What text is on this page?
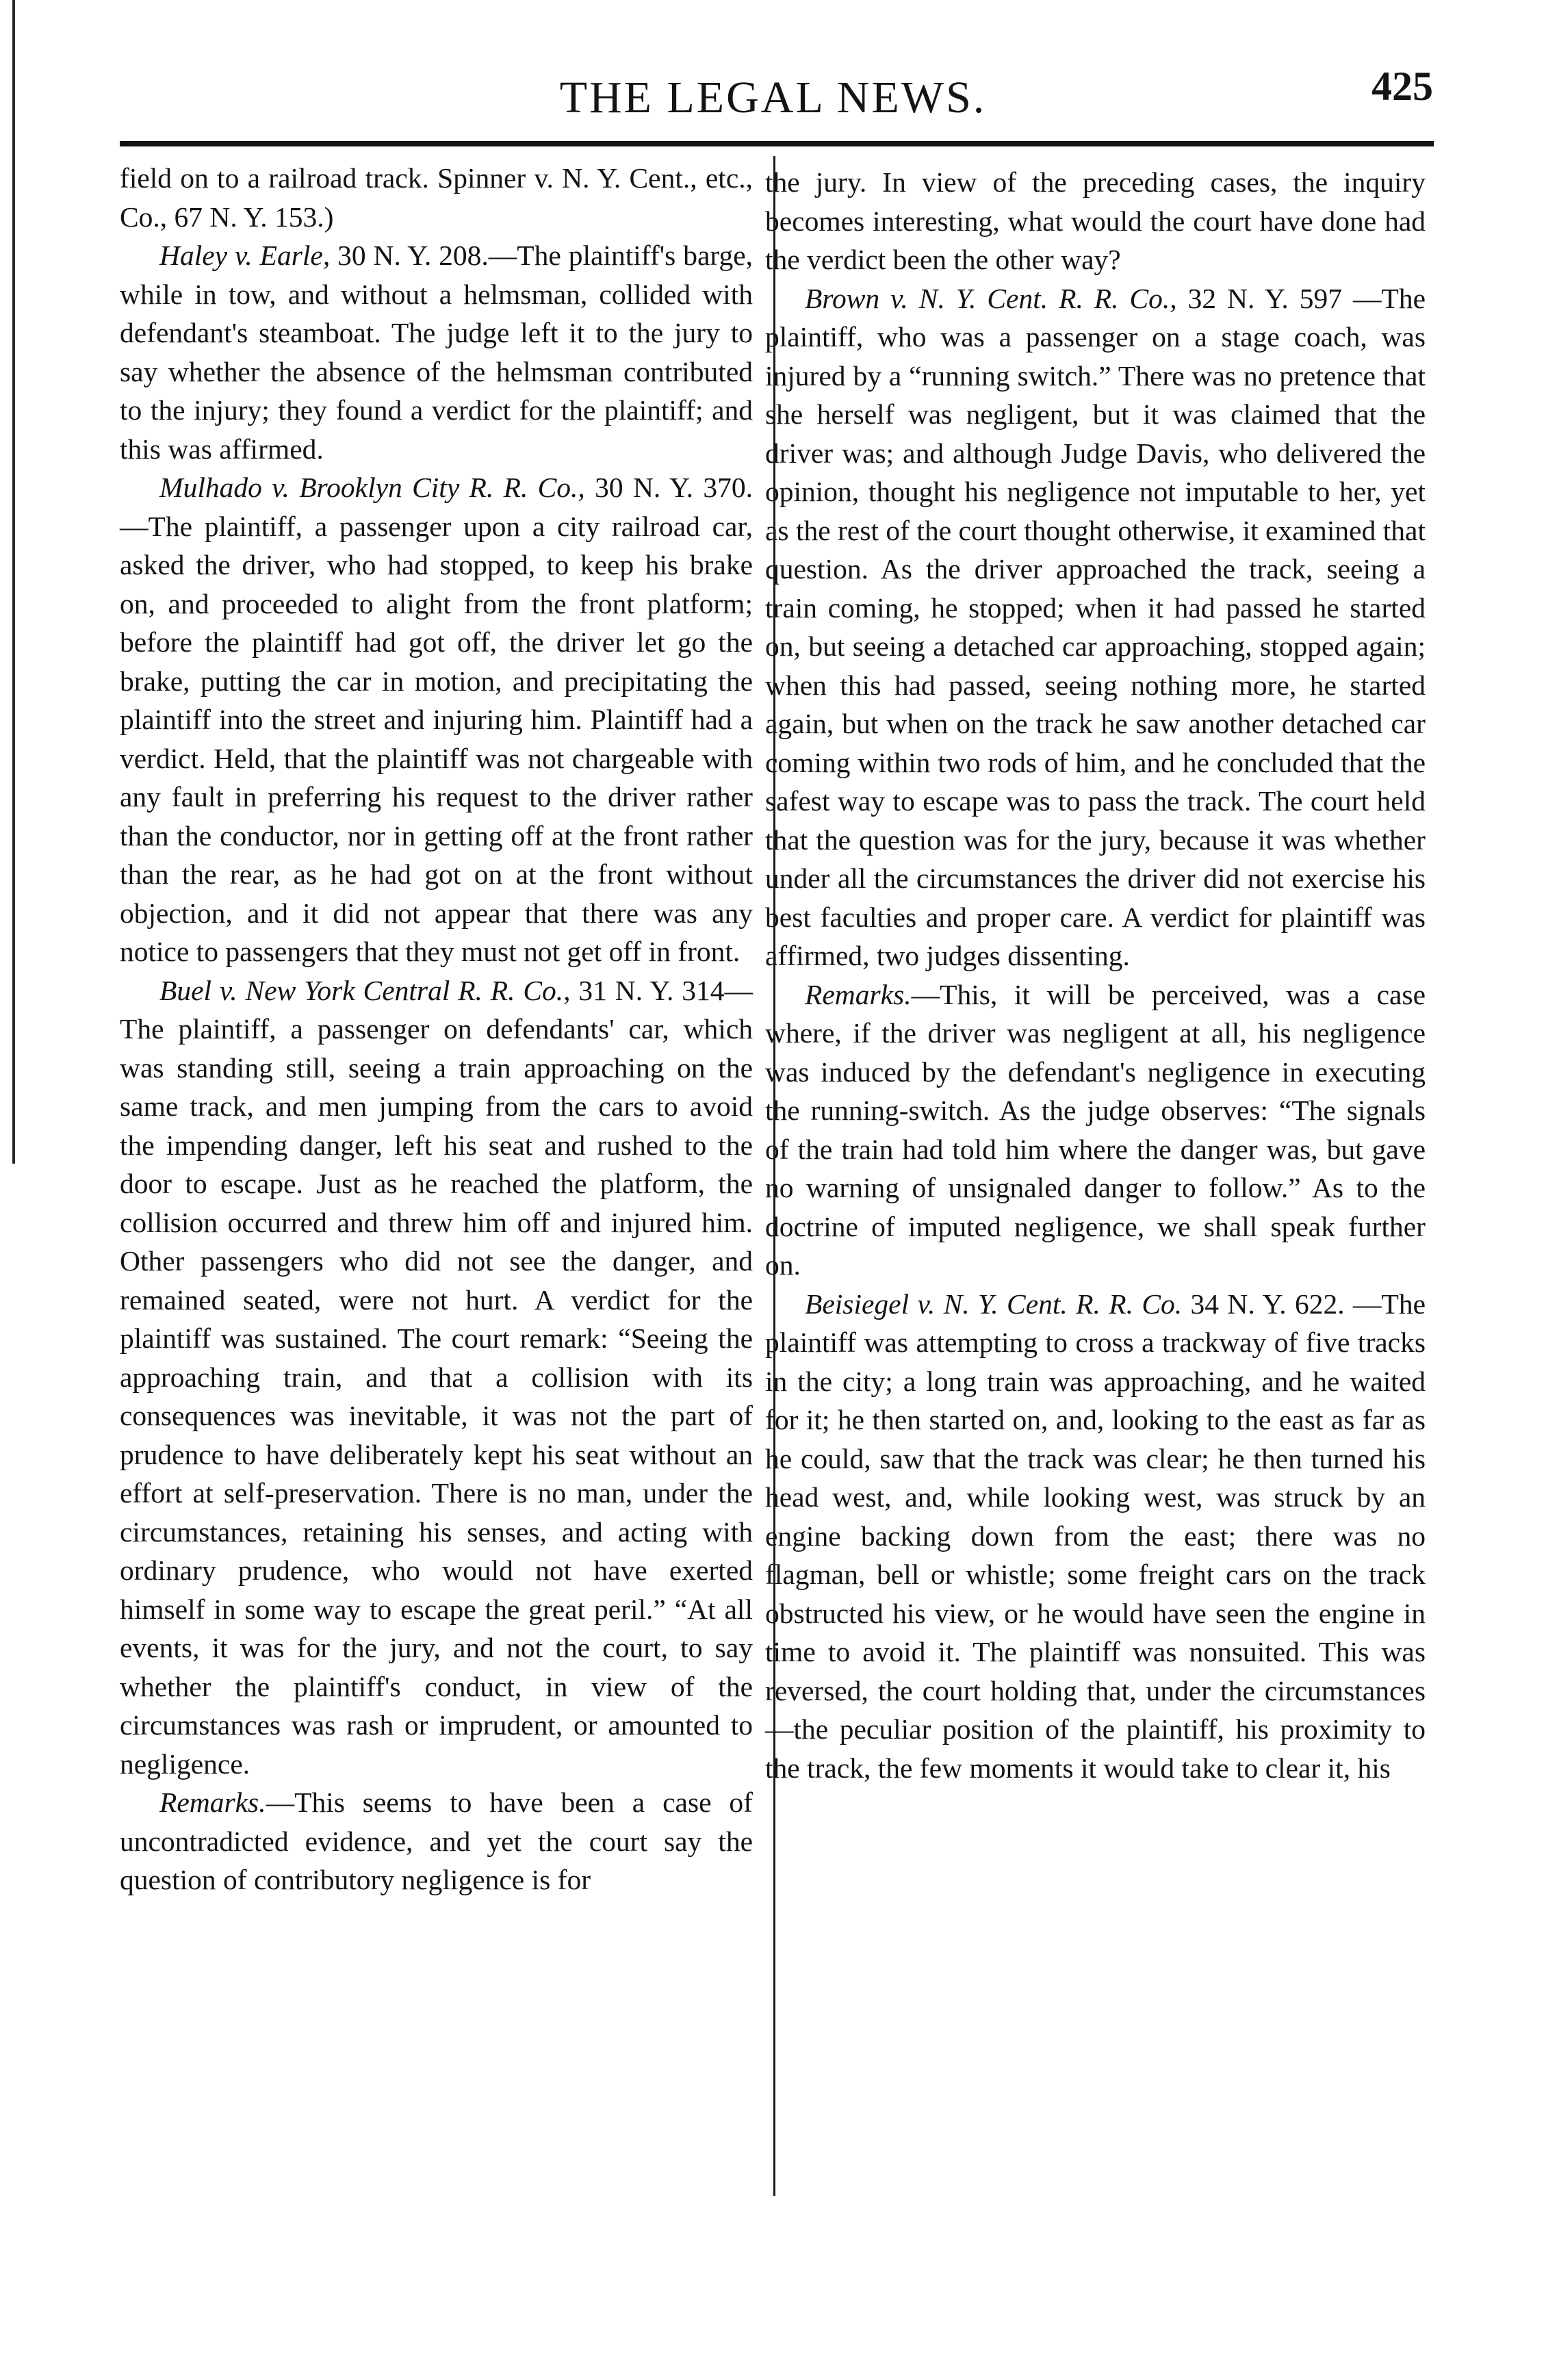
THE LEGAL NEWS.	425

field on to a railroad track. Spinner v. N. Y. Cent., etc., Co., 67 N. Y. 153.)

Haley v. Earle, 30 N. Y. 208.—The plaintiff's barge, while in tow, and without a helmsman, collided with defendant's steamboat. The judge left it to the jury to say whether the absence of the helmsman contributed to the injury; they found a verdict for the plaintiff; and this was affirmed.

Mulhado v. Brooklyn City R. R. Co., 30 N. Y. 370.—The plaintiff, a passenger upon a city railroad car, asked the driver, who had stopped, to keep his brake on, and proceeded to alight from the front platform; before the plaintiff had got off, the driver let go the brake, putting the car in motion, and precipitating the plaintiff into the street and injuring him. Plaintiff had a verdict. Held, that the plaintiff was not chargeable with any fault in preferring his request to the driver rather than the conductor, nor in getting off at the front rather than the rear, as he had got on at the front without objection, and it did not appear that there was any notice to passengers that they must not get off in front.

Buel v. New York Central R. R. Co., 31 N. Y. 314—The plaintiff, a passenger on defendants' car, which was standing still, seeing a train approaching on the same track, and men jumping from the cars to avoid the impending danger, left his seat and rushed to the door to escape. Just as he reached the platform, the collision occurred and threw him off and injured him. Other passengers who did not see the danger, and remained seated, were not hurt. A verdict for the plaintiff was sustained. The court remark: “Seeing the approaching train, and that a collision with its consequences was inevitable, it was not the part of prudence to have deliberately kept his seat without an effort at self-preservation. There is no man, under the circumstances, retaining his senses, and acting with ordinary prudence, who would not have exerted himself in some way to escape the great peril.” “At all events, it was for the jury, and not the court, to say whether the plaintiff's conduct, in view of the circumstances was rash or imprudent, or amounted to negligence.

Remarks.—This seems to have been a case of uncontradicted evidence, and yet the court say the question of contributory negligence is for

the jury. In view of the preceding cases, the inquiry becomes interesting, what would the court have done had the verdict been the other way?

Brown v. N. Y. Cent. R. R. Co., 32 N. Y. 597 —The plaintiff, who was a passenger on a stage coach, was injured by a “running switch.” There was no pretence that she herself was negligent, but it was claimed that the driver was; and although Judge Davis, who delivered the opinion, thought his negligence not imputable to her, yet as the rest of the court thought otherwise, it examined that question. As the driver approached the track, seeing a train coming, he stopped; when it had passed he started on, but seeing a detached car approaching, stopped again; when this had passed, seeing nothing more, he started again, but when on the track he saw another detached car coming within two rods of him, and he concluded that the safest way to escape was to pass the track. The court held that the question was for the jury, because it was whether under all the circumstances the driver did not exercise his best faculties and proper care. A verdict for plaintiff was affirmed, two judges dissenting.

Remarks.—This, it will be perceived, was a case where, if the driver was negligent at all, his negligence was induced by the defendant's negligence in executing the running-switch. As the judge observes: “The signals of the train had told him where the danger was, but gave no warning of unsignaled danger to follow.” As to the doctrine of imputed negligence, we shall speak further on.

Beisiegel v. N. Y. Cent. R. R. Co. 34 N. Y. 622. —The plaintiff was attempting to cross a trackway of five tracks in the city; a long train was approaching, and he waited for it; he then started on, and, looking to the east as far as he could, saw that the track was clear; he then turned his head west, and, while looking west, was struck by an engine backing down from the east; there was no flagman, bell or whistle; some freight cars on the track obstructed his view, or he would have seen the engine in time to avoid it. The plaintiff was nonsuited. This was reversed, the court holding that, under the circumstances—the peculiar position of the plaintiff, his proximity to the track, the few moments it would take to clear it, his
